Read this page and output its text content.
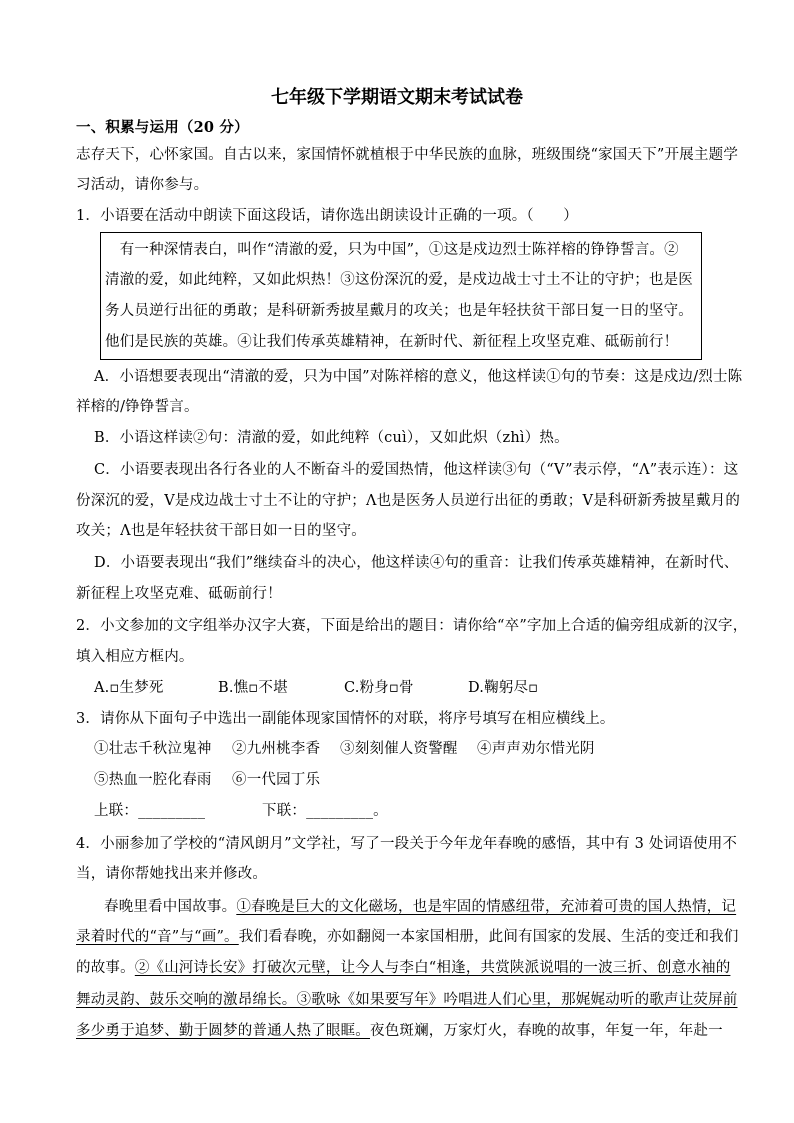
七年级下学期语文期末考试试卷
一、积累与运用（20 分）
志存天下，心怀家国。自古以来，家国情怀就植根于中华民族的血脉，班级围绕“家国天下”开展主题学
习活动，请你参与。
1．小语要在活动中朗读下面这段话，请你选出朗读设计正确的一项。（　　）
　有一种深情表白，叫作“清澈的爱，只为中国”，①这是戍边烈士陈祥榕的铮铮誓言。②
清澈的爱，如此纯粹，又如此炽热！③这份深沉的爱，是戍边战士寸土不让的守护；也是医
务人员逆行出征的勇敢；是科研新秀披星戴月的攻关；也是年轻扶贫干部日复一日的坚守。
他们是民族的英雄。④让我们传承英雄精神，在新时代、新征程上攻坚克难、砥砺前行！
A．小语想要表现出“清澈的爱，只为中国”对陈祥榕的意义，他这样读①句的节奏：这是戍边/烈士陈
祥榕的/铮铮誓言。
B．小语这样读②句：清澈的爱，如此纯粹（cuì），又如此炽（zhì）热。
C．小语要表现出各行各业的人不断奋斗的爱国热情，他这样读③句（“V”表示停，“Λ”表示连）：这
份深沉的爱，V是戍边战士寸土不让的守护；Λ也是医务人员逆行出征的勇敢；V是科研新秀披星戴月的
攻关；Λ也是年轻扶贫干部日如一日的坚守。
D．小语要表现出“我们”继续奋斗的决心，他这样读④句的重音：让我们传承英雄精神，在新时代、
新征程上攻坚克难、砥砺前行！
2．小文参加的文字组举办汉字大赛，下面是给出的题目：请你给“卒”字加上合适的偏旁组成新的汉字，
填入相应方框内。
A.▫生梦死	B.憔▫不堪	C.粉身▫骨	D.鞠躬尽▫
3．请你从下面句子中选出一副能体现家国情怀的对联，将序号填写在相应横线上。
①壮志千秋泣鬼神 ②九州桃李香 ③刻刻催人资警醒 ④声声劝尔惜光阴
⑤热血一腔化春雨 ⑥一代园丁乐
上联：_________	下联：_________。
4．小丽参加了学校的“清风朗月”文学社，写了一段关于今年龙年春晚的感悟，其中有 3 处词语使用不
当，请你帮她找出来并修改。
春晚里看中国故事。①春晚是巨大的文化磁场，也是牢固的情感纽带，充沛着可贵的国人热情，记
录着时代的“音”与“画”。我们看春晚，亦如翻阅一本家国相册，此间有国家的发展、生活的变迁和我们
的故事。②《山河诗长安》打破次元壁，让今人与李白“相逢，共赏陕派说唱的一波三折、创意水袖的
舞动灵韵、鼓乐交响的激昂绵长。③歌咏《如果要写年》吟唱进人们心里，那娓娓动听的歌声让荧屏前
多少勇于追梦、勤于圆梦的普通人热了眼眶。夜色斑斓，万家灯火，春晚的故事，年复一年，年赴一
